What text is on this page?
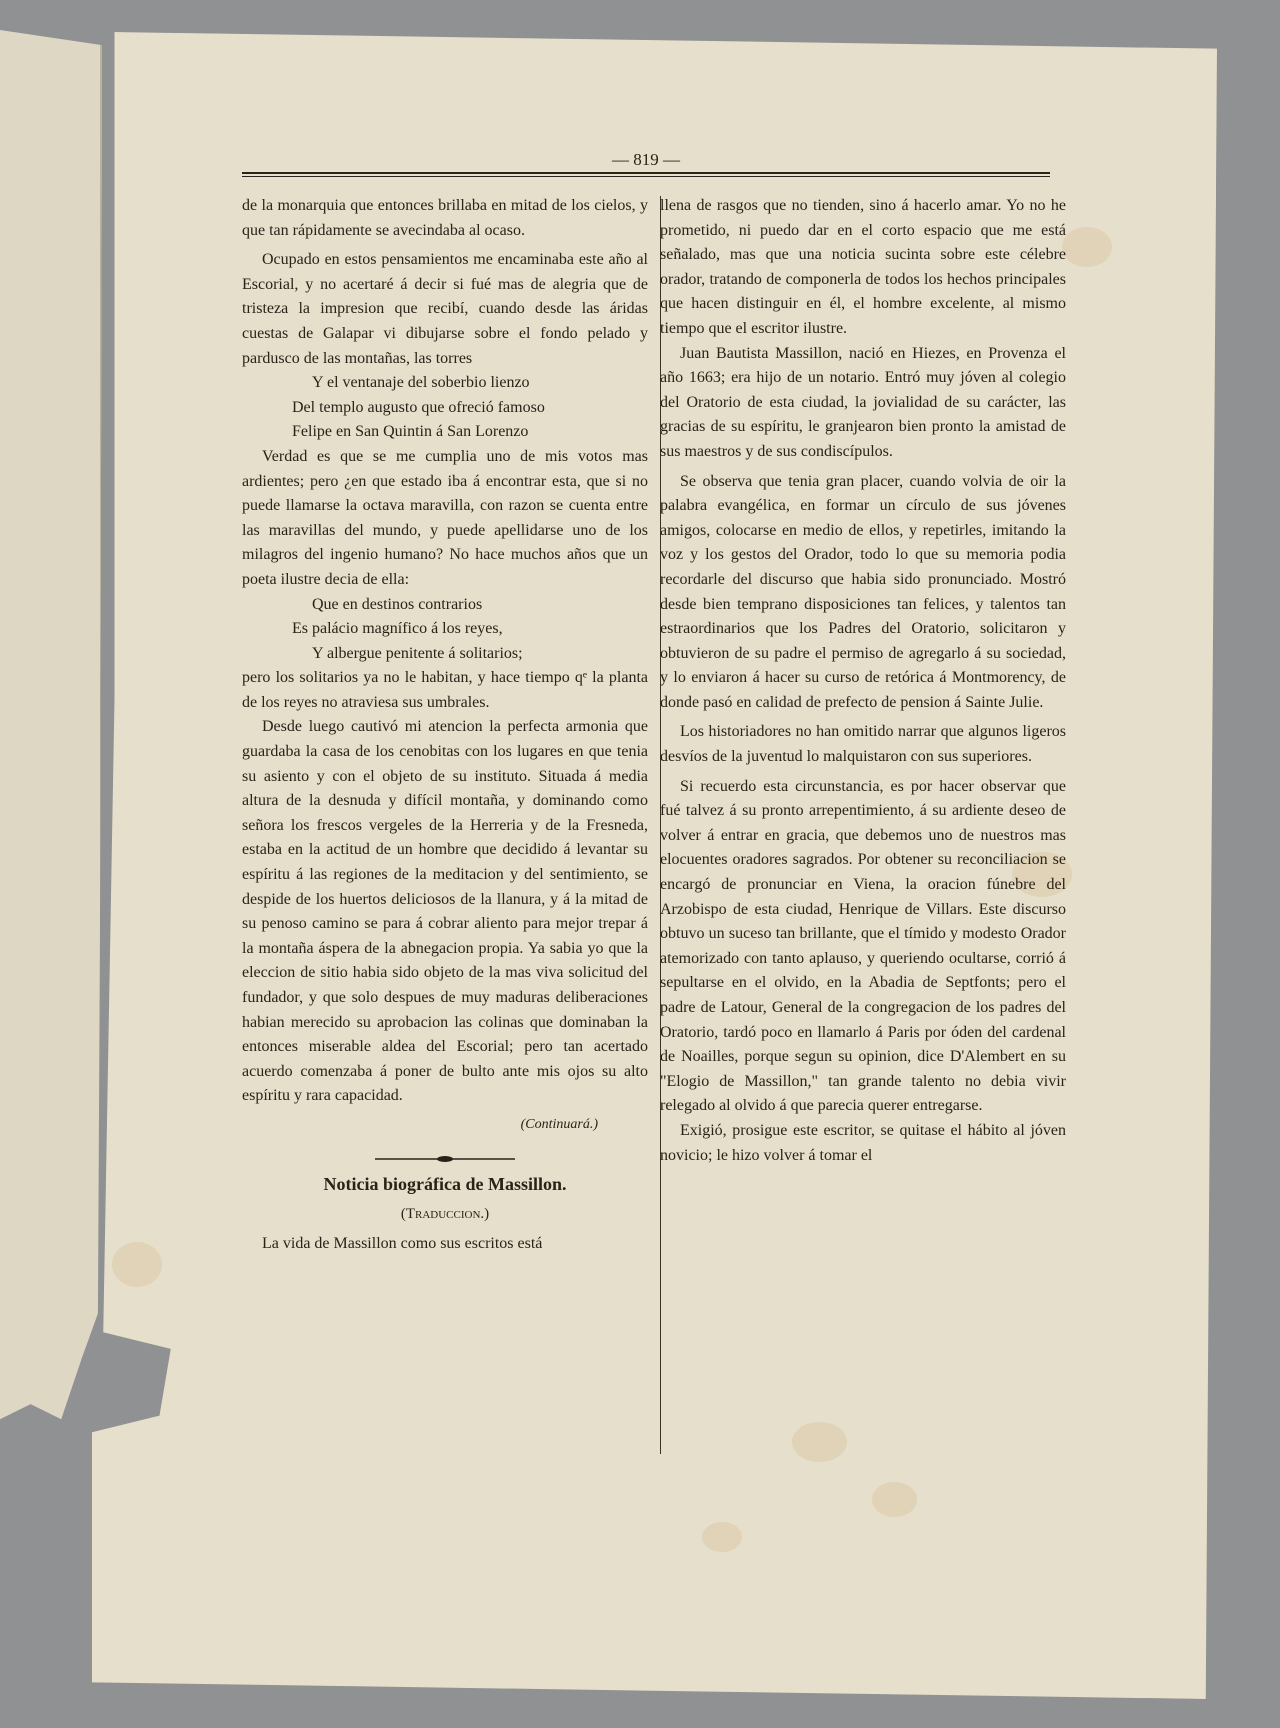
— 819 —

de la monarquia que entonces brillaba en mitad de los cielos, y que tan rápidamente se avecindaba al ocaso.

Ocupado en estos pensamientos me encaminaba este año al Escorial, y no acertaré á decir si fué mas de alegria que de tristeza la impresion que recibí, cuando desde las áridas cuestas de Galapar vi dibujarse sobre el fondo pelado y pardusco de las montañas, las torres

Y el ventanaje del soberbio lienzo

Del templo augusto que ofreció famoso

Felipe en San Quintin á San Lorenzo

Verdad es que se me cumplia uno de mis votos mas ardientes; pero ¿en que estado iba á encontrar esta, que si no puede llamarse la octava maravilla, con razon se cuenta entre las maravillas del mundo, y puede apellidarse uno de los milagros del ingenio humano? No hace muchos años que un poeta ilustre decia de ella:

Que en destinos contrarios

Es palácio magnífico á los reyes,

Y albergue penitente á solitarios;

pero los solitarios ya no le habitan, y hace tiempo qᵉ la planta de los reyes no atraviesa sus umbrales.

Desde luego cautivó mi atencion la perfecta armonia que guardaba la casa de los cenobitas con los lugares en que tenia su asiento y con el objeto de su instituto. Situada á media altura de la desnuda y difícil montaña, y dominando como señora los frescos vergeles de la Herreria y de la Fresneda, estaba en la actitud de un hombre que decidido á levantar su espíritu á las regiones de la meditacion y del sentimiento, se despide de los huertos deliciosos de la llanura, y á la mitad de su penoso camino se para á cobrar aliento para mejor trepar á la montaña áspera de la abnegacion propia. Ya sabia yo que la eleccion de sitio habia sido objeto de la mas viva solicitud del fundador, y que solo despues de muy maduras deliberaciones habian merecido su aprobacion las colinas que dominaban la entonces miserable aldea del Escorial; pero tan acertado acuerdo comenzaba á poner de bulto ante mis ojos su alto espíritu y rara capacidad.

(Continuará.)

Noticia biográfica de Massillon.

(Traduccion.)

La vida de Massillon como sus escritos está

llena de rasgos que no tienden, sino á hacerlo amar. Yo no he prometido, ni puedo dar en el corto espacio que me está señalado, mas que una noticia sucinta sobre este célebre orador, tratando de componerla de todos los hechos principales que hacen distinguir en él, el hombre excelente, al mismo tiempo que el escritor ilustre.

Juan Bautista Massillon, nació en Hiezes, en Provenza el año 1663; era hijo de un notario. Entró muy jóven al colegio del Oratorio de esta ciudad, la jovialidad de su carácter, las gracias de su espíritu, le granjearon bien pronto la amistad de sus maestros y de sus condiscípulos.

Se observa que tenia gran placer, cuando volvia de oir la palabra evangélica, en formar un círculo de sus jóvenes amigos, colocarse en medio de ellos, y repetirles, imitando la voz y los gestos del Orador, todo lo que su memoria podia recordarle del discurso que habia sido pronunciado. Mostró desde bien temprano disposiciones tan felices, y talentos tan estraordinarios que los Padres del Oratorio, solicitaron y obtuvieron de su padre el permiso de agregarlo á su sociedad, y lo enviaron á hacer su curso de retórica á Montmorency, de donde pasó en calidad de prefecto de pension á Sainte Julie.

Los historiadores no han omitido narrar que algunos ligeros desvíos de la juventud lo malquistaron con sus superiores.

Si recuerdo esta circunstancia, es por hacer observar que fué talvez á su pronto arrepentimiento, á su ardiente deseo de volver á entrar en gracia, que debemos uno de nuestros mas elocuentes oradores sagrados. Por obtener su reconciliacion se encargó de pronunciar en Viena, la oracion fúnebre del Arzobispo de esta ciudad, Henrique de Villars. Este discurso obtuvo un suceso tan brillante, que el tímido y modesto Orador atemorizado con tanto aplauso, y queriendo ocultarse, corrió á sepultarse en el olvido, en la Abadia de Septfonts; pero el padre de Latour, General de la congregacion de los padres del Oratorio, tardó poco en llamarlo á Paris por óden del cardenal de Noailles, porque segun su opinion, dice D'Alembert en su "Elogio de Massillon," tan grande talento no debia vivir relegado al olvido á que parecia querer entregarse.

Exigió, prosigue este escritor, se quitase el hábito al jóven novicio; le hizo volver á tomar el
